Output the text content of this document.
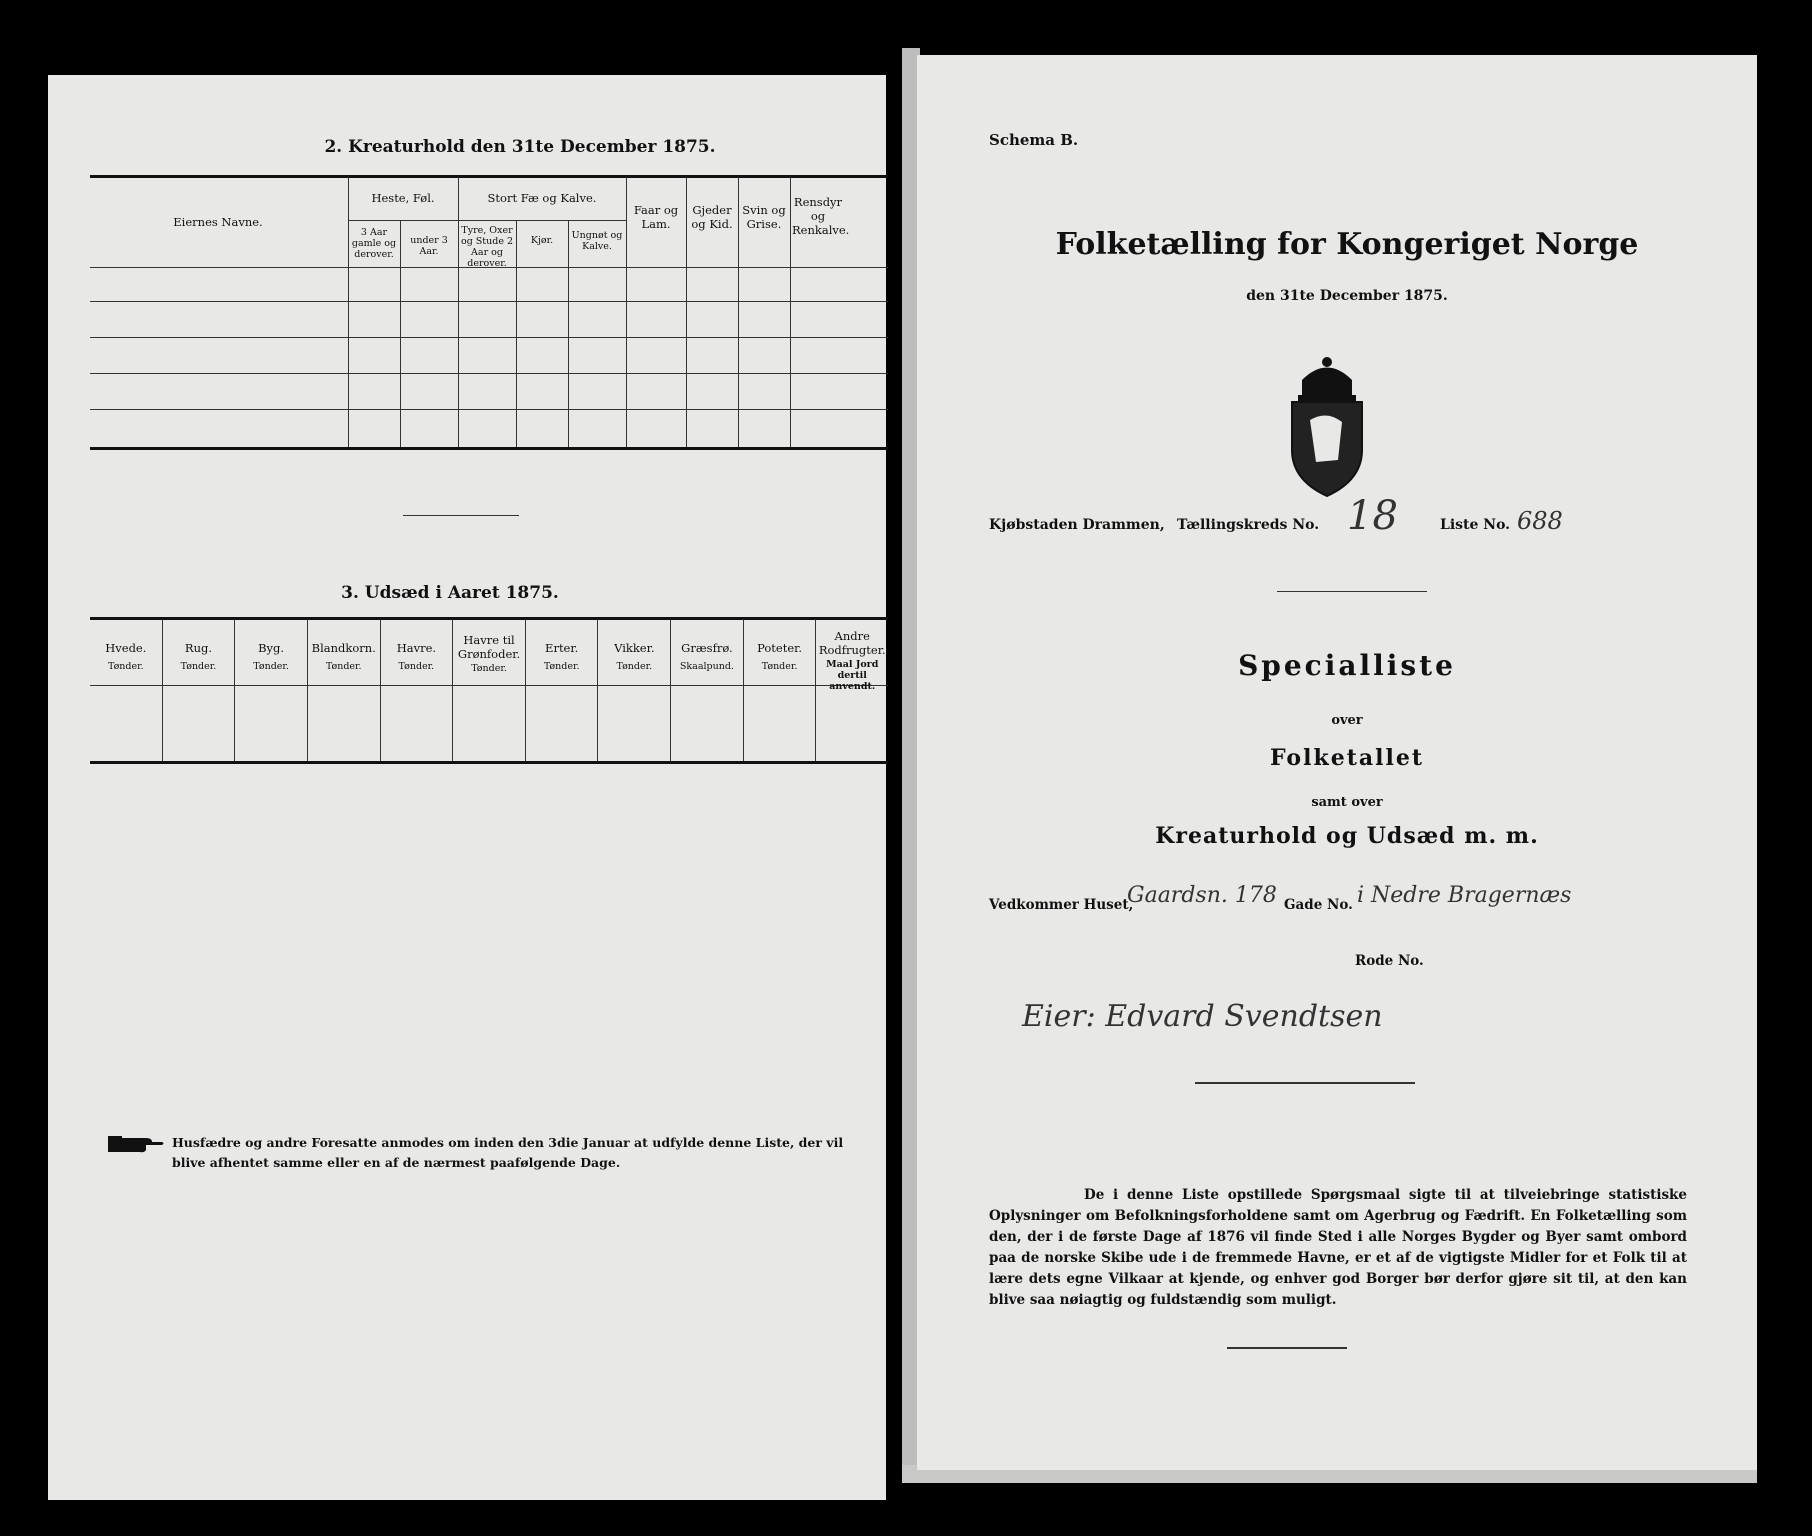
2. Kreaturhold den 31te December 1875.
Eiernes Navne.
Heste, Føl.
3 Aar gamle og derover.
under 3 Aar.
Stort Fæ og Kalve.
Tyre, Oxer og Stude 2 Aar og derover.
Kjør.	Ungnøt og Kalve.
Faar og Lam.
Gjeder og Kid.
Svin og Grise.
Rensdyr og Renkalve.
3. Udsæd i Aaret 1875.
Hvede.
Tønder.
Rug.
Tønder.
Byg.
Tønder.
Blandkorn.
Tønder.
Havre.
Tønder.
Havre til Grønfoder.
Tønder.
Erter.
Tønder.
Vikker.
Tønder.
Græsfrø.
Skaalpund.
Poteter.
Tønder.
Andre Rodfrugter.
Maal Jord dertil anvendt.
Husfædre og andre Foresatte anmodes om inden den 3die Januar at udfylde denne Liste, der vil blive afhentet samme eller en af de nærmest paafølgende Dage.
Schema B.
Folketælling for Kongeriget Norge
den 31te December 1875.
Kjøbstaden Drammen, Tællingskreds No. 18	Liste No. 688
Specialliste
over
Folketallet
samt over
Kreaturhold og Udsæd m. m.
Vedkommer Huset,
Gaardsn. 178 Gade No. i Nedre Bragernæs
Rode No.
Eier: Edvard Svendtsen
De i denne Liste opstillede Spørgsmaal sigte til at tilveiebringe statistiske Oplysninger om Befolkningsforholdene samt om Agerbrug og Fædrift. En Folketælling som den, der i de første Dage af 1876 vil finde Sted i alle Norges Bygder og Byer samt ombord paa de norske Skibe ude i de fremmede Havne, er et af de vigtigste Midler for et Folk til at lære dets egne Vilkaar at kjende, og enhver god Borger bør derfor gjøre sit til, at den kan blive saa nøiagtig og fuldstændig som muligt.
